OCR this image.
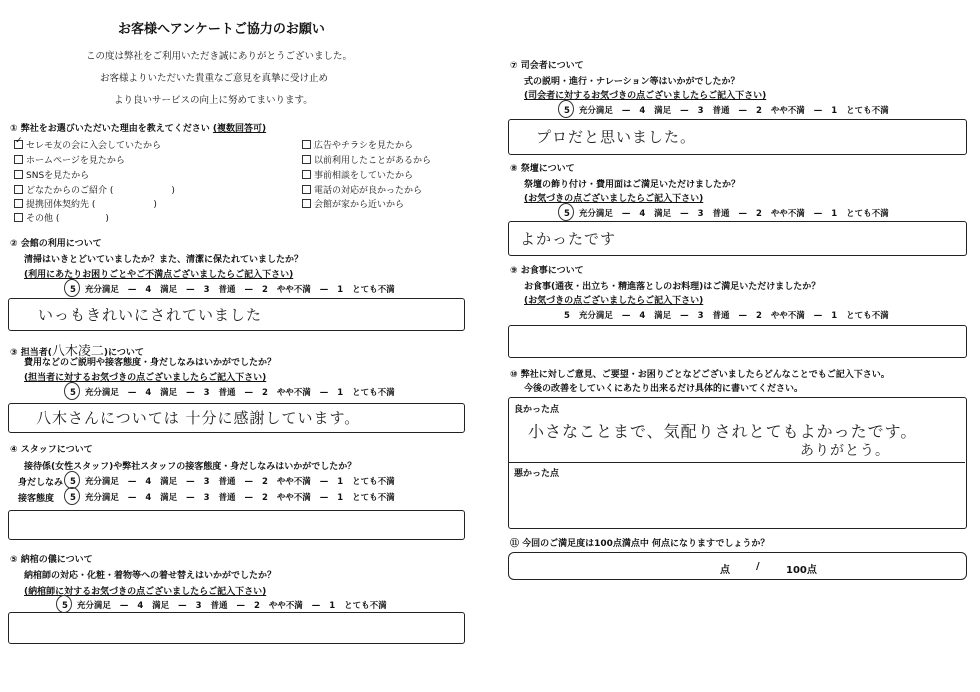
お客様へアンケートご協力のお願い
この度は弊社をご利用いただき誠にありがとうございました。
お客様よりいただいた貴重なご意見を真摯に受け止め
より良いサービスの向上に努めてまいります。
① 弊社をお選びいただいた理由を教えてください (複数回答可)
✓ セレモ友の会に入会していたから
ホームページを見たから
SNSを見たから
どなたからのご紹介 (	)
提携団体契約先 (	)
その他 (	)
広告やチラシを見たから
以前利用したことがあるから
事前相談をしていたから
電話の対応が良かったから
会館が家から近いから
② 会館の利用について
清掃はいきとどいていましたか？また、清潔に保たれていましたか？
(利用にあたりお困りごとやご不満点ございましたらご記入下さい)
5 充分満足 — 4 満足 — 3 普通 — 2 やや不満 — 1 とても不満
いっもきれいにされていました
③ 担当者(八木凌二)について
費用などのご説明や接客態度・身だしなみはいかがでしたか？
(担当者に対するお気づきの点ございましたらご記入下さい)
5 充分満足 — 4 満足 — 3 普通 — 2 やや不満 — 1 とても不満
八木さんについては 十分に感謝しています。
④ スタッフについて
接待係(女性スタッフ)や弊社スタッフの接客態度・身だしなみはいかがでしたか？
身だしなみ 5 充分満足 — 4 満足 — 3 普通 — 2 やや不満 — 1 とても不満
接客態度 5 充分満足 — 4 満足 — 3 普通 — 2 やや不満 — 1 とても不満
⑤ 納棺の儀について
納棺師の対応・化粧・着物等への着せ替えはいかがでしたか？
(納棺師に対するお気づきの点ございましたらご記入下さい)
5 充分満足 — 4 満足 — 3 普通 — 2 やや不満 — 1 とても不満
⑦ 司会者について
式の説明・進行・ナレーション等はいかがでしたか？
(司会者に対するお気づきの点ございましたらご記入下さい)
5 充分満足 — 4 満足 — 3 普通 — 2 やや不満 — 1 とても不満
プロだと思いました。
⑧ 祭壇について
祭壇の飾り付け・費用面はご満足いただけましたか？
(お気づきの点ございましたらご記入下さい)
5 充分満足 — 4 満足 — 3 普通 — 2 やや不満 — 1 とても不満
よかったです
⑨ お食事について
お食事(通夜・出立ち・精進落としのお料理)はご満足いただけましたか？
(お気づきの点ございましたらご記入下さい)
5 充分満足 — 4 満足 — 3 普通 — 2 やや不満 — 1 とても不満
⑩ 弊社に対しご意見、ご要望・お困りごとなどございましたらどんなことでもご記入下さい。
今後の改善をしていくにあたり出来るだけ具体的に書いてください。
良かった点
小さなことまで、気配りされとてもよかったです。
ありがとう。
悪かった点
⑪ 今回のご満足度は100点満点中 何点になりますでしょうか？
点	/	100点
